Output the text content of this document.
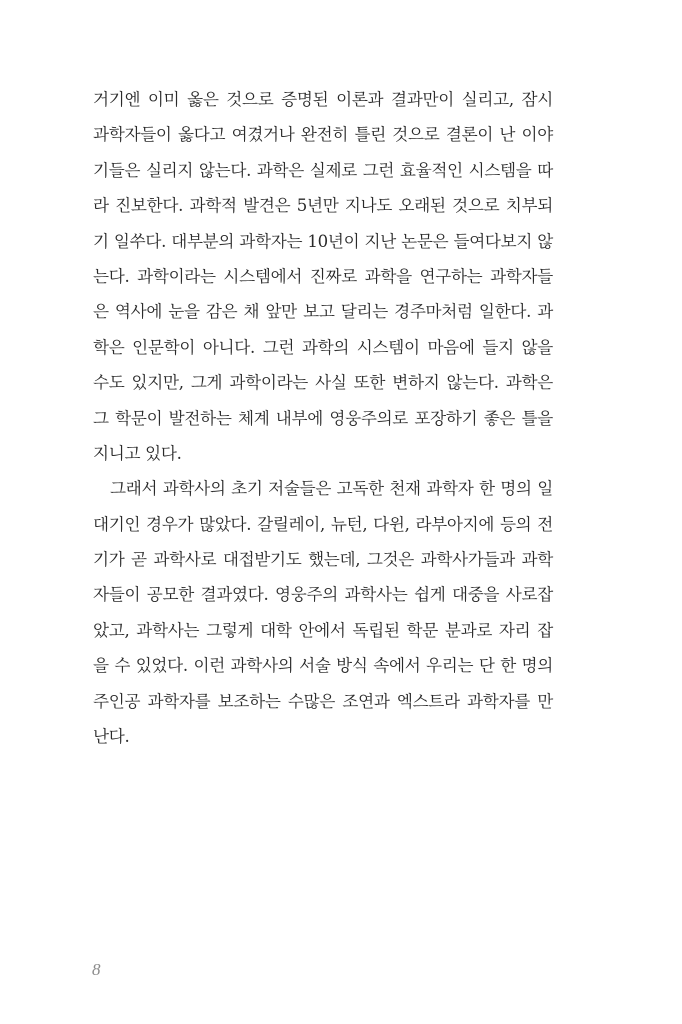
거기엔 이미 옳은 것으로 증명된 이론과 결과만이 실리고, 잠시
과학자들이 옳다고 여겼거나 완전히 틀린 것으로 결론이 난 이야
기들은 실리지 않는다. 과학은 실제로 그런 효율적인 시스템을 따
라 진보한다. 과학적 발견은 5년만 지나도 오래된 것으로 치부되
기 일쑤다. 대부분의 과학자는 10년이 지난 논문은 들여다보지 않
는다. 과학이라는 시스템에서 진짜로 과학을 연구하는 과학자들
은 역사에 눈을 감은 채 앞만 보고 달리는 경주마처럼 일한다. 과
학은 인문학이 아니다. 그런 과학의 시스템이 마음에 들지 않을
수도 있지만, 그게 과학이라는 사실 또한 변하지 않는다. 과학은
그 학문이 발전하는 체계 내부에 영웅주의로 포장하기 좋은 틀을
지니고 있다.
그래서 과학사의 초기 저술들은 고독한 천재 과학자 한 명의 일
대기인 경우가 많았다. 갈릴레이, 뉴턴, 다윈, 라부아지에 등의 전
기가 곧 과학사로 대접받기도 했는데, 그것은 과학사가들과 과학
자들이 공모한 결과였다. 영웅주의 과학사는 쉽게 대중을 사로잡
았고, 과학사는 그렇게 대학 안에서 독립된 학문 분과로 자리 잡
을 수 있었다. 이런 과학사의 서술 방식 속에서 우리는 단 한 명의
주인공 과학자를 보조하는 수많은 조연과 엑스트라 과학자를 만
난다.
8
